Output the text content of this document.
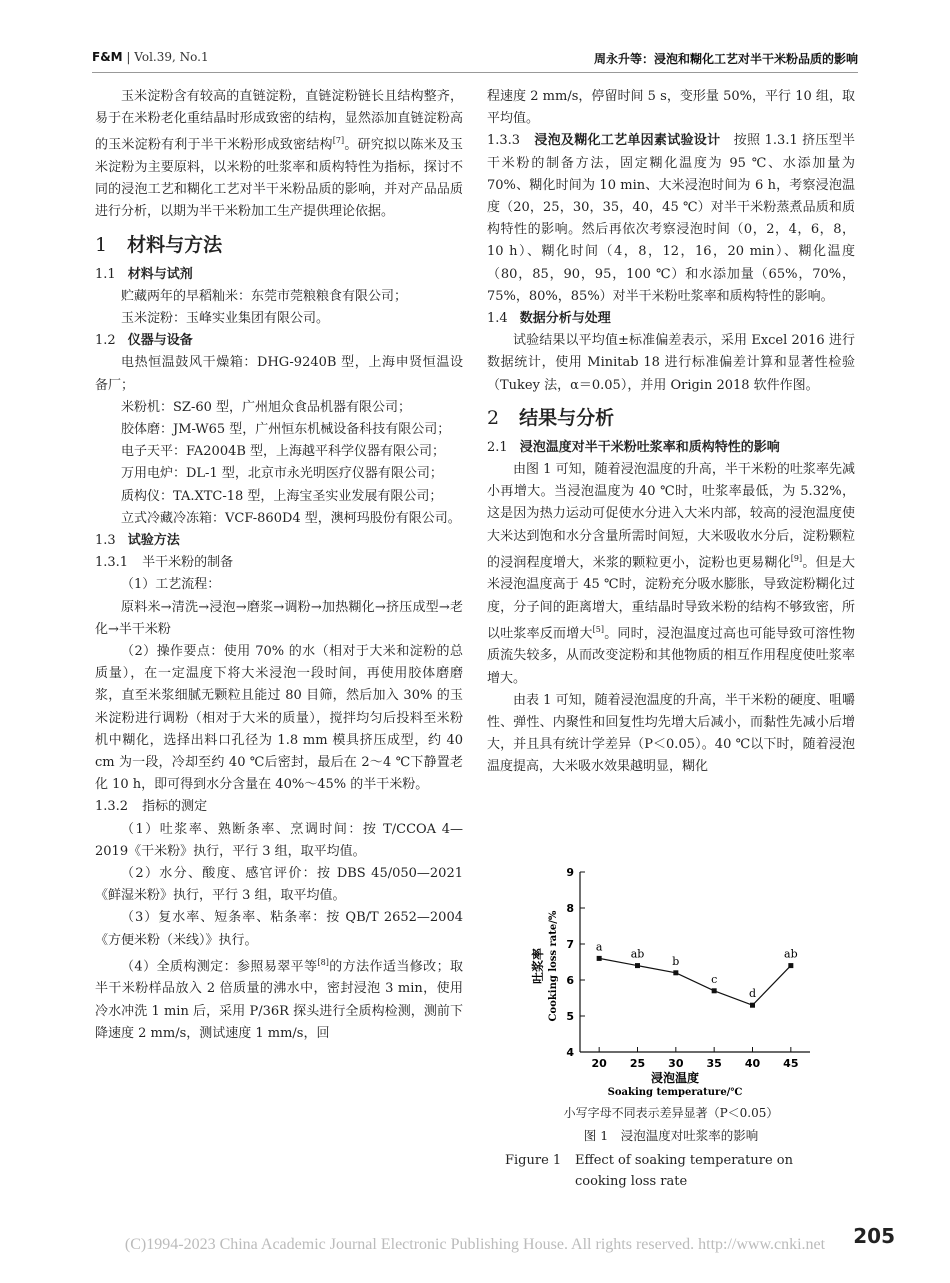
F&M | Vol.39, No.1	周永升等：浸泡和糊化工艺对半干米粉品质的影响

玉米淀粉含有较高的直链淀粉，直链淀粉链长且结构整齐，易于在米粉老化重结晶时形成致密的结构，显然添加直链淀粉高的玉米淀粉有利于半干米粉形成致密结构[7]。研究拟以陈米及玉米淀粉为主要原料，以米粉的吐浆率和质构特性为指标，探讨不同的浸泡工艺和糊化工艺对半干米粉品质的影响，并对产品品质进行分析，以期为半干米粉加工生产提供理论依据。

1 材料与方法

1.1 材料与试剂

贮藏两年的早稻籼米：东莞市莞粮粮食有限公司；

玉米淀粉：玉峰实业集团有限公司。

1.2 仪器与设备

电热恒温鼓风干燥箱：DHG-9240B 型，上海申贤恒温设备厂；

米粉机：SZ-60 型，广州旭众食品机器有限公司；

胶体磨：JM-W65 型，广州恒东机械设备科技有限公司；

电子天平：FA2004B 型，上海越平科学仪器有限公司；

万用电炉：DL-1 型，北京市永光明医疗仪器有限公司；

质构仪：TA.XTC-18 型，上海宝圣实业发展有限公司；

立式冷藏冷冻箱：VCF-860D4 型，澳柯玛股份有限公司。

1.3 试验方法

1.3.1 半干米粉的制备

（1）工艺流程：

原料米→清洗→浸泡→磨浆→调粉→加热糊化→挤压成型→老化→半干米粉

（2）操作要点：使用 70% 的水（相对于大米和淀粉的总质量），在一定温度下将大米浸泡一段时间，再使用胶体磨磨浆，直至米浆细腻无颗粒且能过 80 目筛，然后加入 30% 的玉米淀粉进行调粉（相对于大米的质量），搅拌均匀后投料至米粉机中糊化，选择出料口孔径为 1.8 mm 模具挤压成型，约 40 cm 为一段，冷却至约 40 ℃后密封，最后在 2～4 ℃下静置老化 10 h，即可得到水分含量在 40%～45% 的半干米粉。

1.3.2 指标的测定

（1）吐浆率、熟断条率、烹调时间：按 T/CCOA 4—2019《干米粉》执行，平行 3 组，取平均值。

（2）水分、酸度、感官评价：按 DBS 45/050—2021《鲜湿米粉》执行，平行 3 组，取平均值。

（3）复水率、短条率、粘条率：按 QB/T 2652—2004《方便米粉（米线）》执行。

（4）全质构测定：参照易翠平等[8]的方法作适当修改；取半干米粉样品放入 2 倍质量的沸水中，密封浸泡 3 min，使用冷水冲洗 1 min 后，采用 P/36R 探头进行全质构检测，测前下降速度 2 mm/s，测试速度 1 mm/s，回

程速度 2 mm/s，停留时间 5 s，变形量 50%，平行 10 组，取平均值。

1.3.3 浸泡及糊化工艺单因素试验设计　 按照 1.3.1 挤压型半干米粉的制备方法，固定糊化温度为 95 ℃、水添加量为 70%、糊化时间为 10 min、大米浸泡时间为 6 h，考察浸泡温度（20，25，30，35，40，45 ℃）对半干米粉蒸煮品质和质构特性的影响。然后再依次考察浸泡时间（0，2，4，6，8，10 h）、糊化时间（4，8，12，16，20 min）、糊化温度（80，85，90，95，100 ℃）和水添加量（65%，70%，75%，80%，85%）对半干米粉吐浆率和质构特性的影响。

1.4 数据分析与处理

试验结果以平均值±标准偏差表示，采用 Excel 2016 进行数据统计，使用 Minitab 18 进行标准偏差计算和显著性检验（Tukey 法，α＝0.05），并用 Origin 2018 软件作图。

2 结果与分析

2.1 浸泡温度对半干米粉吐浆率和质构特性的影响

由图 1 可知，随着浸泡温度的升高，半干米粉的吐浆率先减小再增大。当浸泡温度为 40 ℃时，吐浆率最低，为 5.32%，这是因为热力运动可促使水分进入大米内部，较高的浸泡温度使大米达到饱和水分含量所需时间短，大米吸收水分后，淀粉颗粒的浸润程度增大，米浆的颗粒更小，淀粉也更易糊化[9]。但是大米浸泡温度高于 45 ℃时，淀粉充分吸水膨胀，导致淀粉糊化过度，分子间的距离增大，重结晶时导致米粉的结构不够致密，所以吐浆率反而增大[5]。同时，浸泡温度过高也可能导致可溶性物质流失较多，从而改变淀粉和其他物质的相互作用程度使吐浆率增大。

由表 1 可知，随着浸泡温度的升高，半干米粉的硬度、咀嚼性、弹性、内聚性和回复性均先增大后减小，而黏性先减小后增大，并且具有统计学差异（P＜0.05）。40 ℃以下时，随着浸泡温度提高，大米吸水效果越明显，糊化

4
5
6
7
8
9
20 25 30 35 40 45
a
ab
b
c
d
ab
吐浆率 Cooking loss rate/%
浸泡温度
Soaking temperature/℃
小写字母不同表示差异显著（P＜0.05）
图 1　浸泡温度对吐浆率的影响
Figure 1 Effect of soaking temperature on cooking loss rate
205
(C)1994-2023 China Academic Journal Electronic Publishing House. All rights reserved. http://www.cnki.net
